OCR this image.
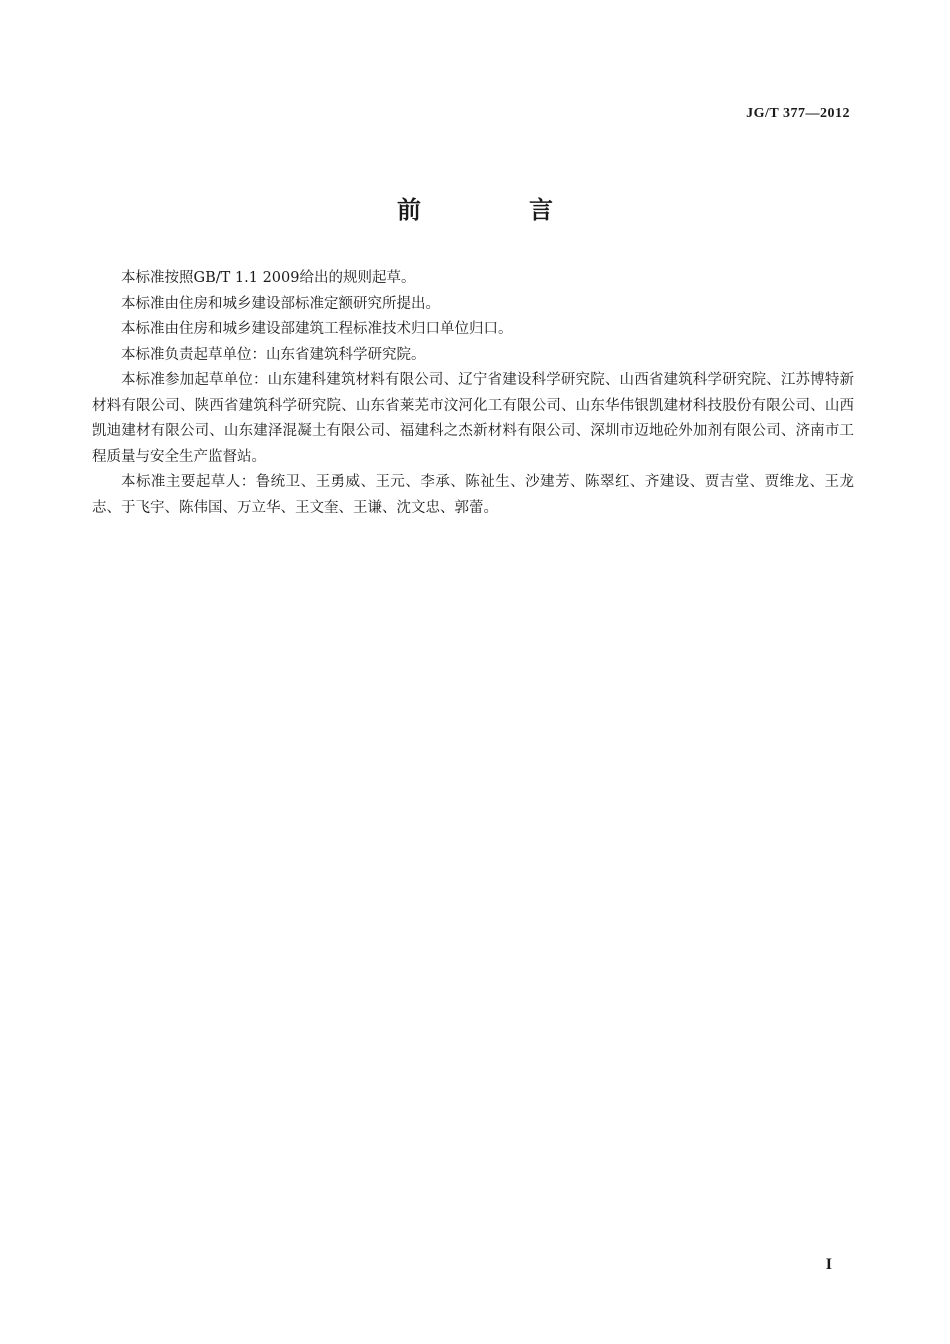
JG/T 377—2012
前　言

本标准按照GB/T 1.1 2009给出的规则起草。

本标准由住房和城乡建设部标准定额研究所提出。

本标准由住房和城乡建设部建筑工程标准技术归口单位归口。

本标准负责起草单位：山东省建筑科学研究院。

本标准参加起草单位：山东建科建筑材料有限公司、辽宁省建设科学研究院、山西省建筑科学研究院、江苏博特新材料有限公司、陕西省建筑科学研究院、山东省莱芜市汶河化工有限公司、山东华伟银凯建材科技股份有限公司、山西凯迪建材有限公司、山东建泽混凝土有限公司、福建科之杰新材料有限公司、深圳市迈地砼外加剂有限公司、济南市工程质量与安全生产监督站。

本标准主要起草人：鲁统卫、王勇威、王元、李承、陈祉生、沙建芳、陈翠红、齐建设、贾吉堂、贾维龙、王龙志、于飞宇、陈伟国、万立华、王文奎、王谦、沈文忠、郭蕾。

I
